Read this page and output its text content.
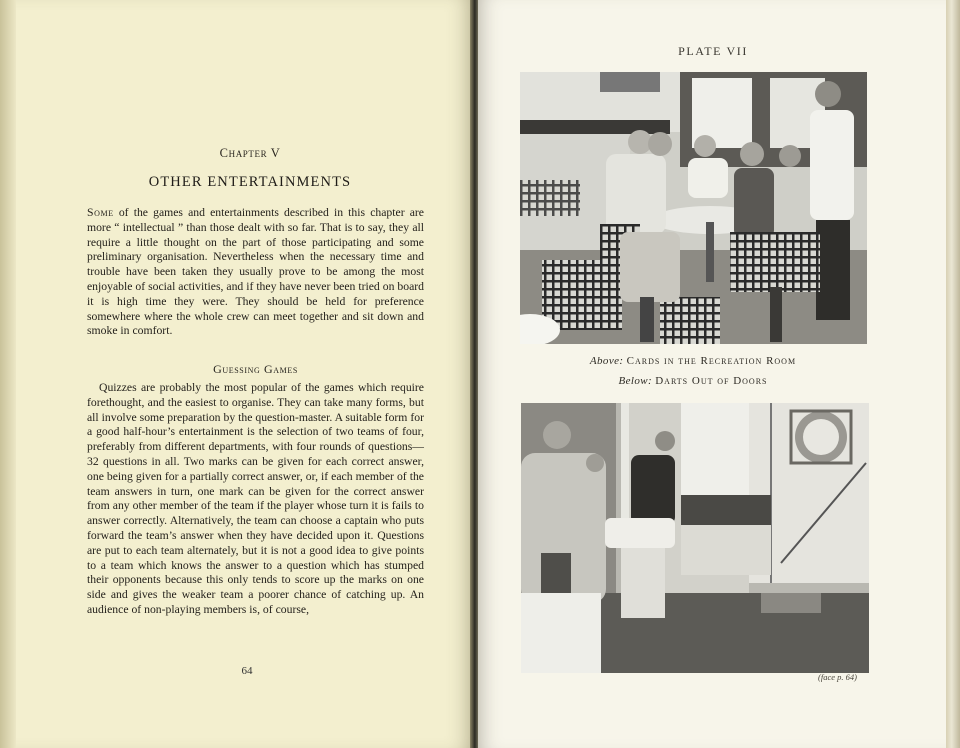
Chapter V
OTHER ENTERTAINMENTS
Some of the games and entertainments described in this chapter are more “ intellectual ” than those dealt with so far. That is to say, they all require a little thought on the part of those participating and some preliminary organisation. Nevertheless when the necessary time and trouble have been taken they usually prove to be among the most enjoyable of social activities, and if they have never been tried on board it is high time they were. They should be held for preference somewhere where the whole crew can meet together and sit down and smoke in comfort.
Guessing Games
Quizzes are probably the most popular of the games which require forethought, and the easiest to organise. They can take many forms, but all involve some preparation by the question-master. A suitable form for a good half-hour’s entertainment is the selection of two teams of four, preferably from different departments, with four rounds of questions—32 questions in all. Two marks can be given for each correct answer, one being given for a partially correct answer, or, if each member of the team answers in turn, one mark can be given for the correct answer from any other member of the team if the player whose turn it is fails to answer correctly. Alternatively, the team can choose a captain who puts forward the team’s answer when they have decided upon it. Questions are put to each team alternately, but it is not a good idea to give points to a team which knows the answer to a question which has stumped their opponents because this only tends to score up the marks on one side and gives the weaker team a poorer chance of catching up. An audience of non-playing members is, of course,
64
PLATE VII
Above: Cards in the Recreation Room
Below: Darts Out of Doors
(face p. 64)
